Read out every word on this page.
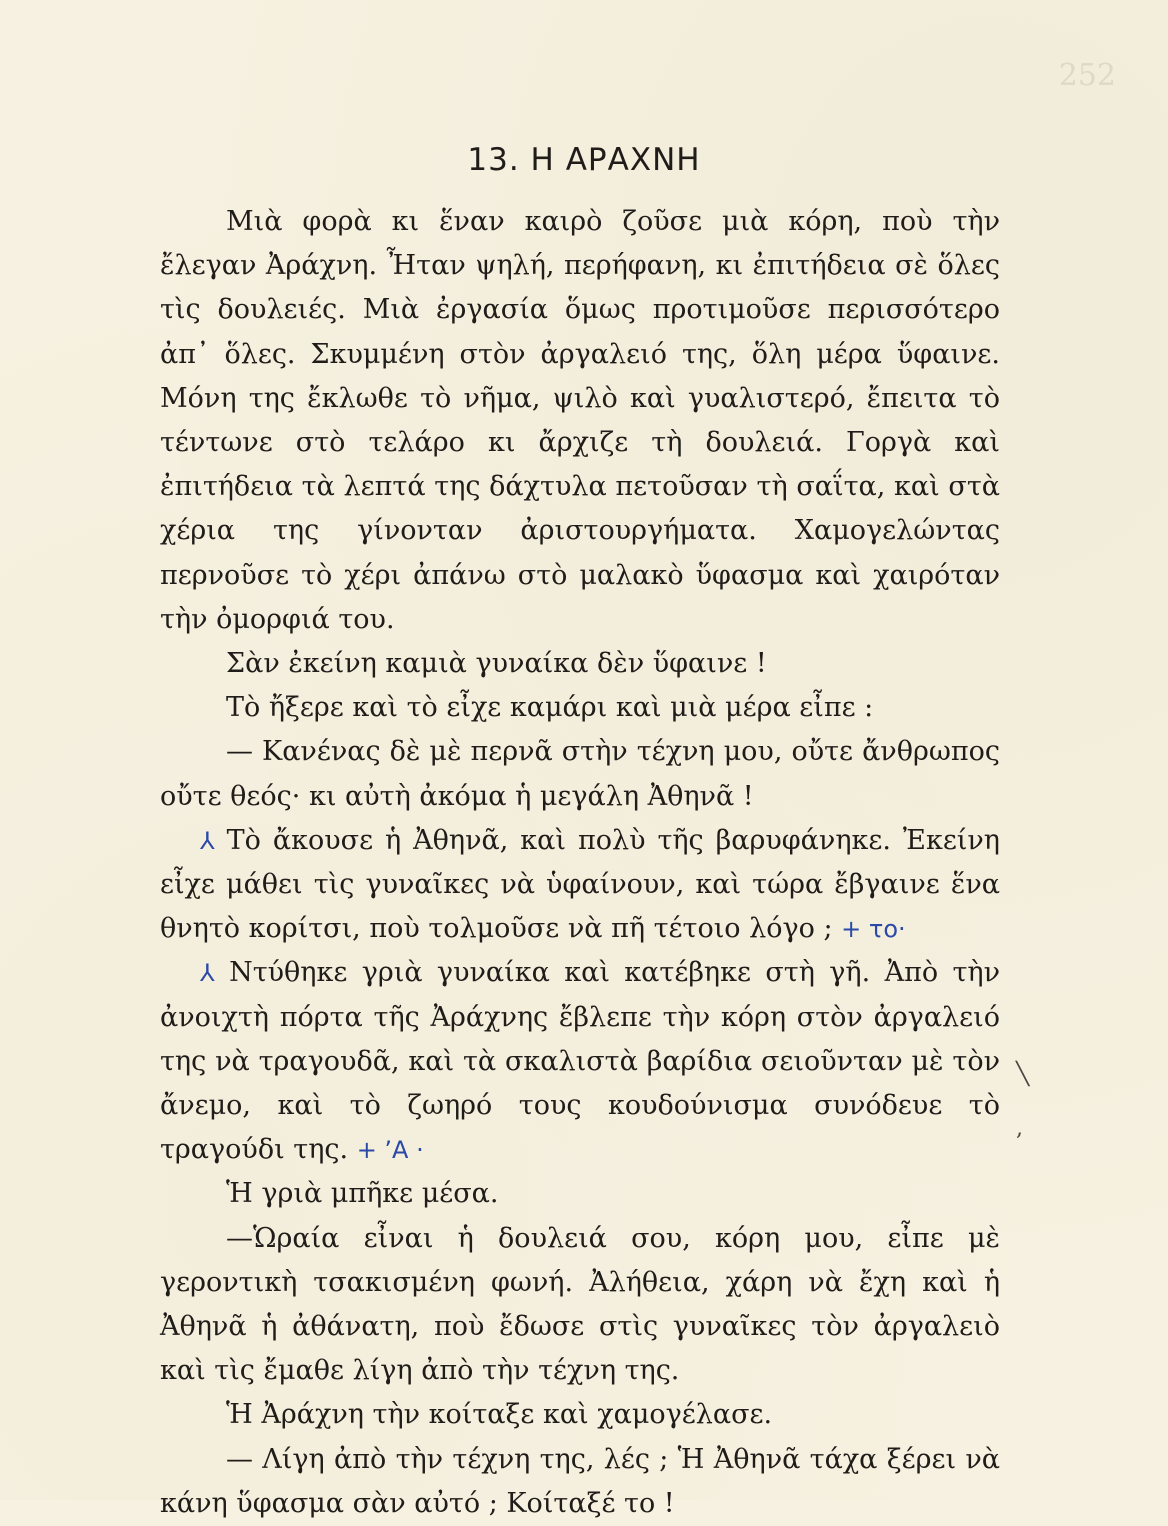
252
13. Η ΑΡΑΧΝΗ

Μιὰ φορὰ κι ἕναν καιρὸ ζοῦσε μιὰ κόρη, ποὺ τὴν ἔλεγαν Ἀράχνη. Ἦταν ψηλή, περήφανη, κι ἐπιτήδεια σὲ ὅλες τὶς δουλειές. Μιὰ ἐργασία ὅμως προτιμοῦσε περισσότερο ἀπ᾽ ὅλες. Σκυμμένη στὸν ἀργαλειό της, ὅλη μέρα ὕφαινε. Μόνη της ἔκλωθε τὸ νῆμα, ψιλὸ καὶ γυαλιστερό, ἔπειτα τὸ τέντωνε στὸ τελάρο κι ἄρχιζε τὴ δουλειά. Γοργὰ καὶ ἐπιτήδεια τὰ λεπτά της δάχτυλα πετοῦσαν τὴ σαΐτα, καὶ στὰ χέρια της γίνονταν ἀριστουργήματα. Χαμογελώντας περνοῦσε τὸ χέρι ἀπάνω στὸ μαλακὸ ὕφασμα καὶ χαιρόταν τὴν ὀμορφιά του.

Σὰν ἐκείνη καμιὰ γυναίκα δὲν ὕφαινε !

Τὸ ἤξερε καὶ τὸ εἶχε καμάρι καὶ μιὰ μέρα εἶπε :

— Κανένας δὲ μὲ περνᾶ στὴν τέχνη μου, οὔτε ἄνθρωπος οὔτε θεός· κι αὐτὴ ἀκόμα ἡ μεγάλη Ἀθηνᾶ !

⅄ Τὸ ἄκουσε ἡ Ἀθηνᾶ, καὶ πολὺ τῆς βαρυφάνηκε. Ἐκείνη εἶχε μάθει τὶς γυναῖκες νὰ ὑφαίνουν, καὶ τώρα ἔβγαινε ἕνα θνητὸ κορίτσι, ποὺ τολμοῦσε νὰ πῆ τέτοιο λόγο ; + το·

⅄ Ντύθηκε γριὰ γυναίκα καὶ κατέβηκε στὴ γῆ. Ἀπὸ τὴν ἀνοιχτὴ πόρτα τῆς Ἀράχνης ἔβλεπε τὴν κόρη στὸν ἀργαλειό της νὰ τραγουδᾶ, καὶ τὰ σκαλιστὰ βαρίδια σειοῦνταν μὲ τὸν ἄνεμο, καὶ τὸ ζωηρό τους κουδούνισμα συνόδευε τὸ τραγούδι της. + ʼΑ ·

Ἡ γριὰ μπῆκε μέσα.

—Ὡραία εἶναι ἡ δουλειά σου, κόρη μου, εἶπε μὲ γεροντικὴ τσακισμένη φωνή. Ἀλήθεια, χάρη νὰ ἔχη καὶ ἡ Ἀθηνᾶ ἡ ἀθάνατη, ποὺ ἔδωσε στὶς γυναῖκες τὸν ἀργαλειὸ καὶ τὶς ἔμαθε λίγη ἀπὸ τὴν τέχνη της.

Ἡ Ἀράχνη τὴν κοίταξε καὶ χαμογέλασε.

— Λίγη ἀπὸ τὴν τέχνη της, λές ; Ἡ Ἀθηνᾶ τάχα ξέρει νὰ κάνη ὕφασμα σὰν αὐτό ; Κοίταξέ το !

╲
,
